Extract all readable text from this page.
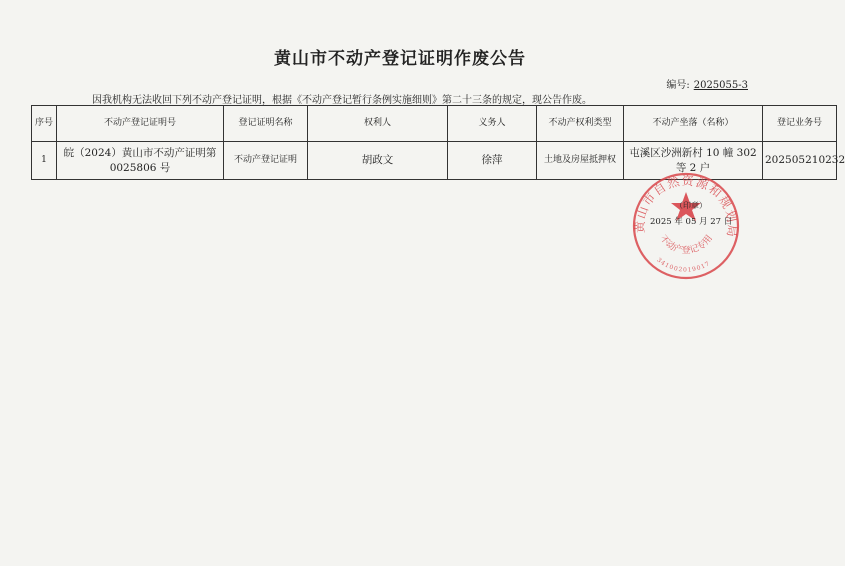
黄山市不动产登记证明作废公告
编号: 2025055-3
因我机构无法收回下列不动产登记证明，根据《不动产登记暂行条例实施细则》第二十三条的规定，现公告作废。
序号	不动产登记证明号	登记证明名称	权利人	义务人	不动产权利类型	不动产坐落（名称）	登记业务号
1	皖（2024）黄山市不动产证明第 0025806 号	不动产登记证明	胡政文	徐萍	土地及房屋抵押权	屯溪区沙洲新村 10 幢 302 等 2 户	202505210232
黄山市自然资源和规划局
不动产登记专用章
341002019017
（印章）
2025 年 05 月 27 日
